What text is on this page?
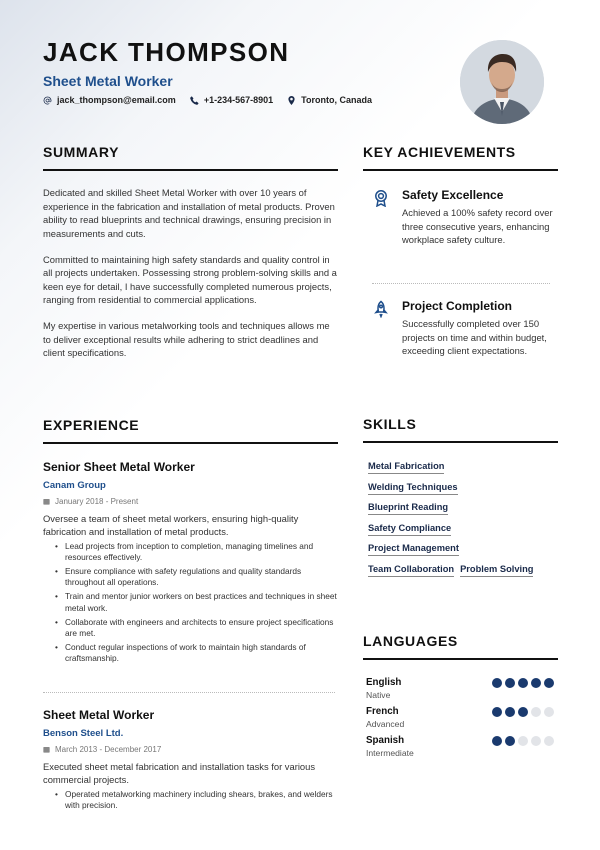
JACK THOMPSON
Sheet Metal Worker
jack_thompson@email.com	+1-234-567-8901	Toronto, Canada
SUMMARY

Dedicated and skilled Sheet Metal Worker with over 10 years of experience in the fabrication and installation of metal products. Proven ability to read blueprints and technical drawings, ensuring precision in measurements and cuts.

Committed to maintaining high safety standards and quality control in all projects undertaken. Possessing strong problem-solving skills and a keen eye for detail, I have successfully completed numerous projects, ranging from residential to commercial applications.

My expertise in various metalworking tools and techniques allows me to deliver exceptional results while adhering to strict deadlines and client specifications.

KEY ACHIEVEMENTS
Safety Excellence
Achieved a 100% safety record over three consecutive years, enhancing workplace safety culture.
Project Completion
Successfully completed over 150 projects on time and within budget, exceeding client expectations.
EXPERIENCE
Senior Sheet Metal Worker
Canam Group
January 2018 - Present
Oversee a team of sheet metal workers, ensuring high-quality fabrication and installation of metal products.
• Lead projects from inception to completion, managing timelines and resources effectively.
• Ensure compliance with safety regulations and quality standards throughout all operations.
• Train and mentor junior workers on best practices and techniques in sheet metal work.
• Collaborate with engineers and architects to ensure project specifications are met.
• Conduct regular inspections of work to maintain high standards of craftsmanship.
Sheet Metal Worker
Benson Steel Ltd.
March 2013 - December 2017
Executed sheet metal fabrication and installation tasks for various commercial projects.
• Operated metalworking machinery including shears, brakes, and welders with precision.
SKILLS
Metal Fabrication
Welding Techniques
Blueprint Reading
Safety Compliance
Project Management
Team Collaboration Problem Solving
LANGUAGES
English
Native
French
Advanced
Spanish
Intermediate
